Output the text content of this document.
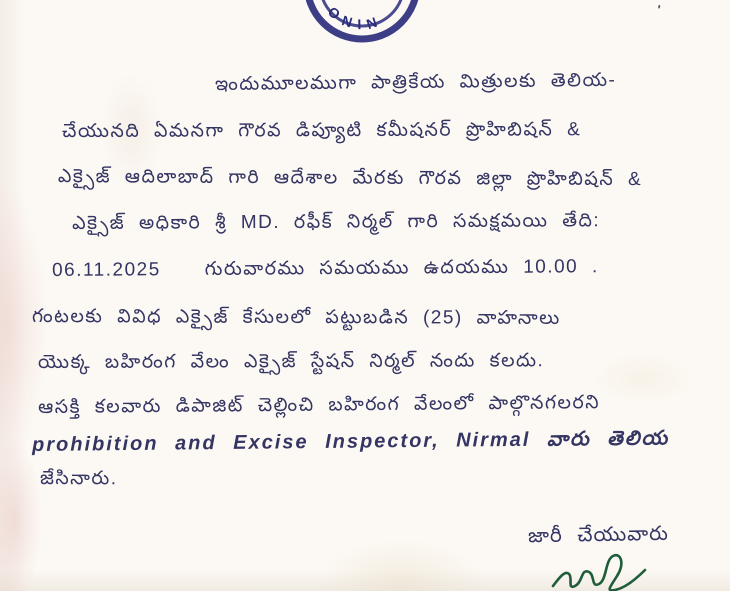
ONIN
'
ఇందుమూలముగా పాత్రికేయ మిత్రులకు తెలియ-
చేయునది ఏమనగా గౌరవ డిప్యూటి కమీషనర్ ప్రొహిబిషన్ &
ఎక్సైజ్ ఆదిలాబాద్ గారి ఆదేశాల మేరకు గౌరవ జిల్లా ప్రొహిబిషన్ &
ఎక్సైజ్ అధికారి శ్రీ MD. రఫీక్ నిర్మల్ గారి సమక్షమయి తేది:
06.11.2025 గురువారము సమయము ఉదయము 10.00 .
గంటలకు వివిధ ఎక్సైజ్ కేసులలో పట్టుబడిన (25) వాహనాలు
యొక్క బహిరంగ వేలం ఎక్సైజ్ స్టేషన్ నిర్మల్ నందు కలదు.
ఆసక్తి కలవారు డిపాజిట్ చెల్లించి బహిరంగ వేలంలో పాల్గొనగలరని
prohibition and Excise Inspector, Nirmal వారు తెలియ
జేసినారు.
జారీ చేయువారు
